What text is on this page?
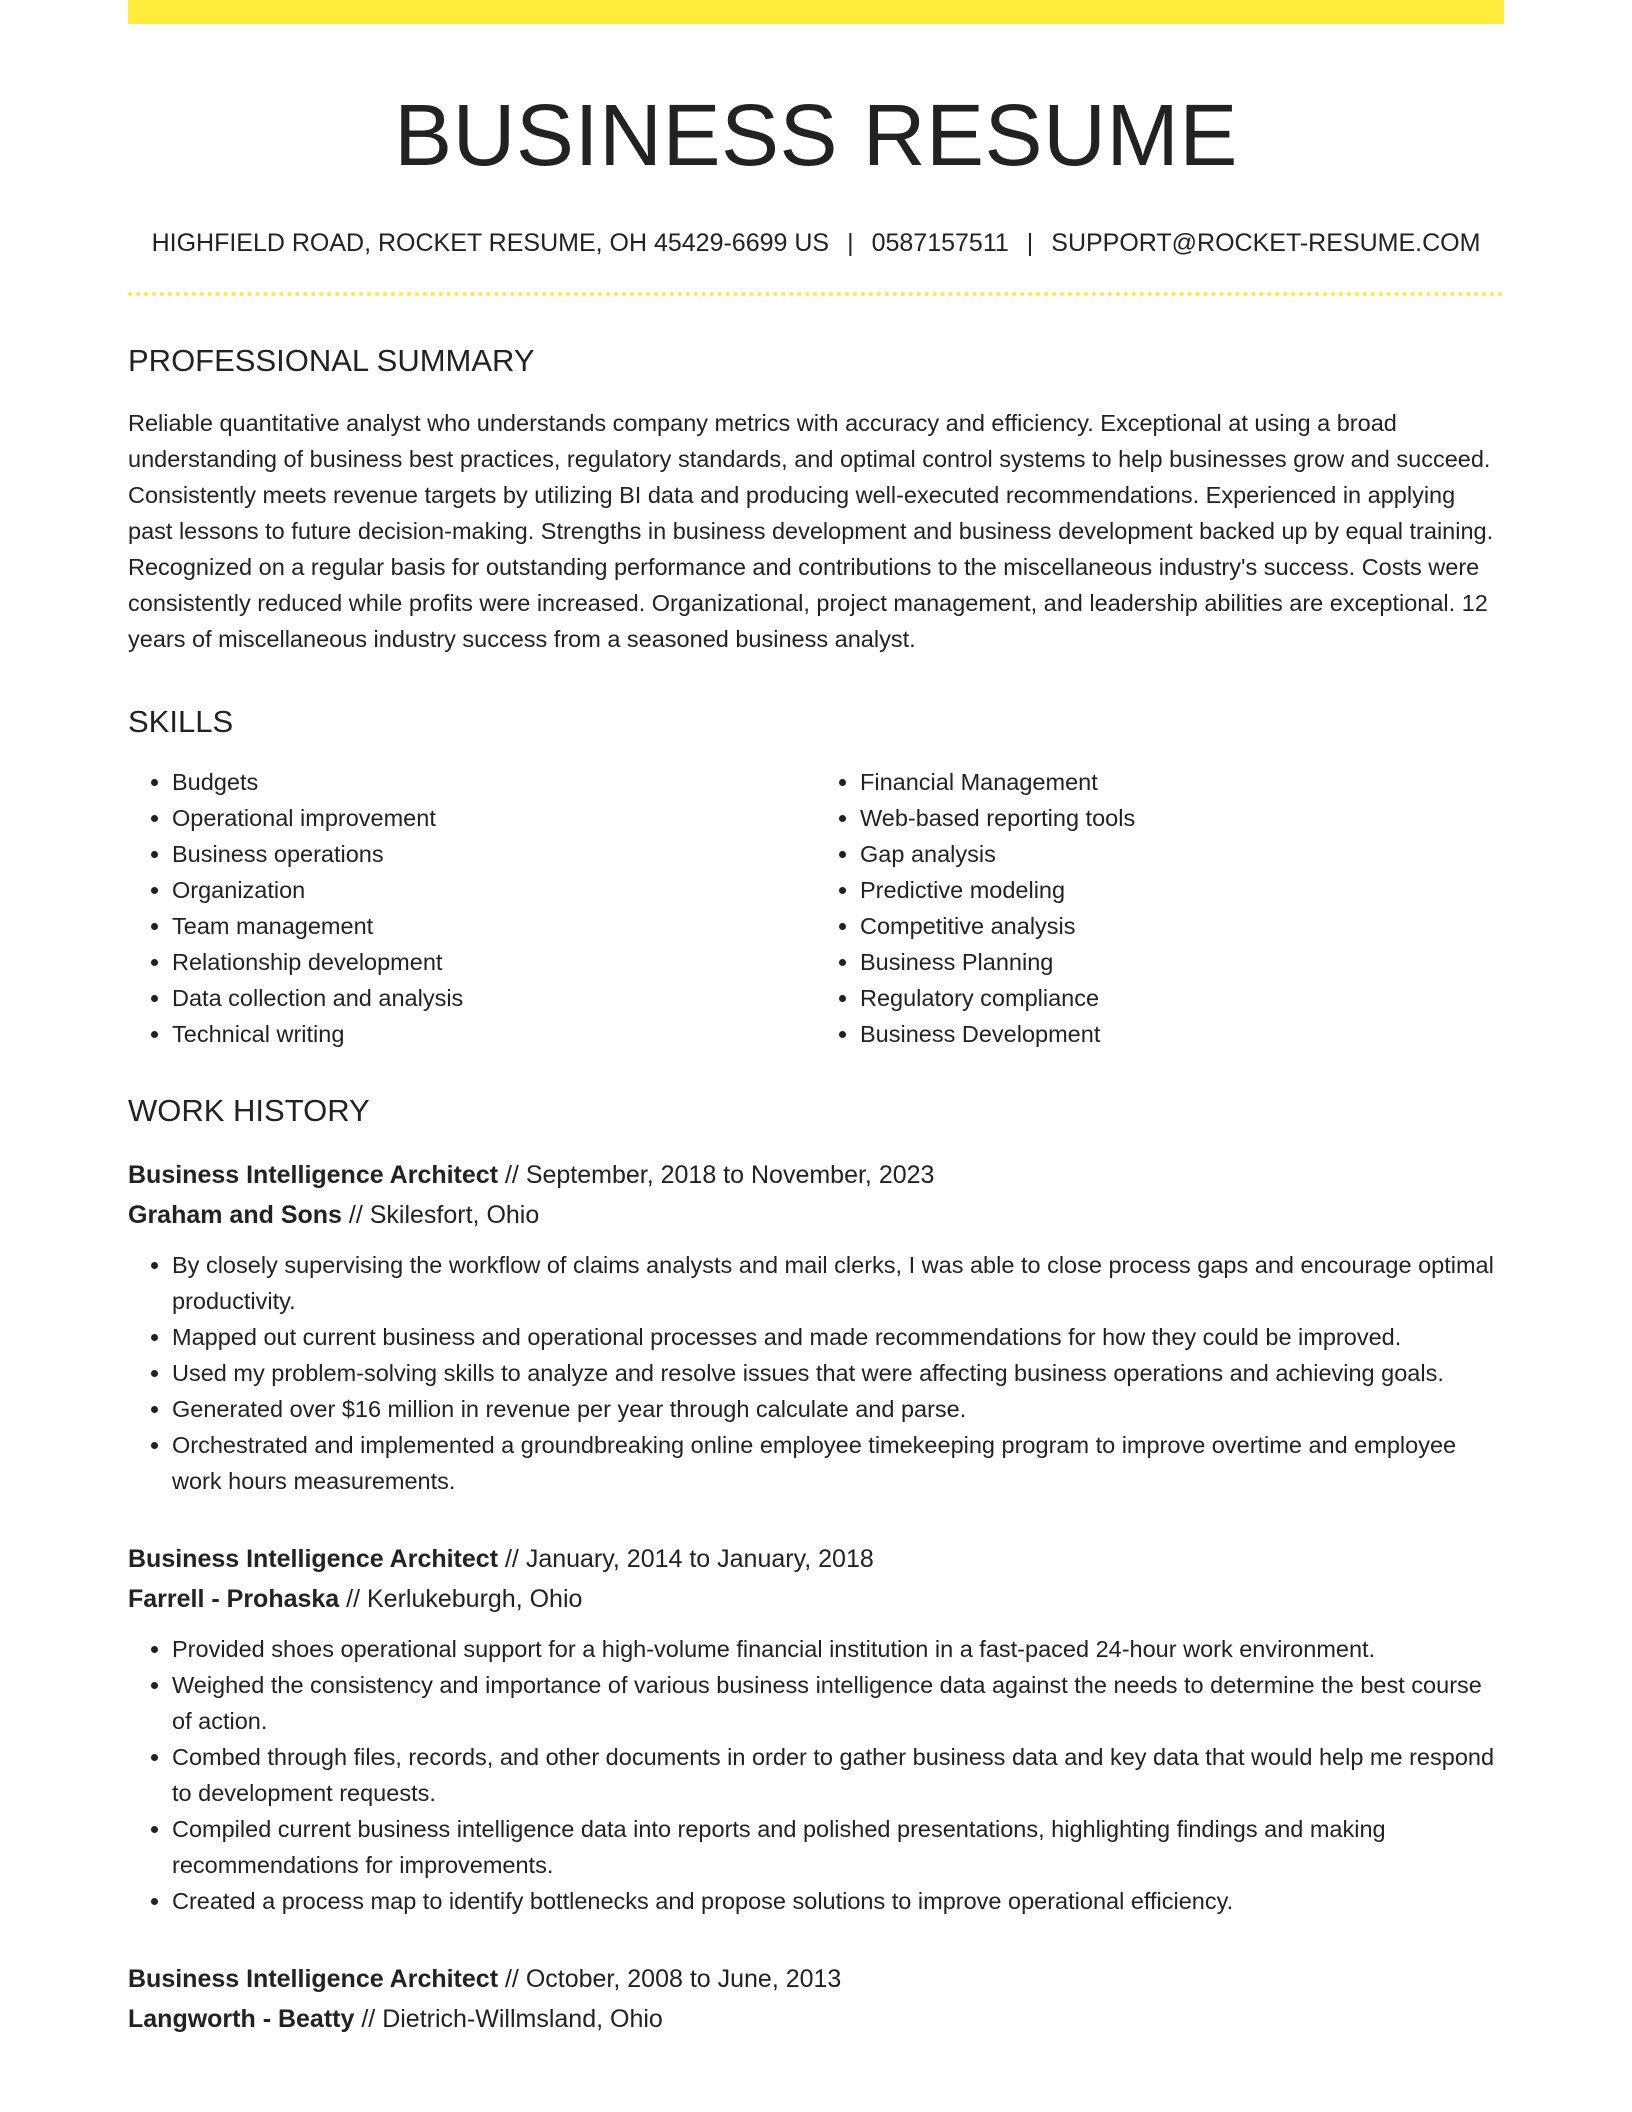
BUSINESS RESUME
HIGHFIELD ROAD, ROCKET RESUME, OH 45429-6699 US | 0587157511 | SUPPORT@ROCKET-RESUME.COM
PROFESSIONAL SUMMARY

Reliable quantitative analyst who understands company metrics with accuracy and efficiency. Exceptional at using a broad understanding of business best practices, regulatory standards, and optimal control systems to help businesses grow and succeed. Consistently meets revenue targets by utilizing BI data and producing well-executed recommendations. Experienced in applying past lessons to future decision-making. Strengths in business development and business development backed up by equal training. Recognized on a regular basis for outstanding performance and contributions to the miscellaneous industry's success. Costs were consistently reduced while profits were increased. Organizational, project management, and leadership abilities are exceptional. 12 years of miscellaneous industry success from a seasoned business analyst.

SKILLS
• Budgets
• Operational improvement
• Business operations
• Organization
• Team management
• Relationship development
• Data collection and analysis
• Technical writing
• Financial Management
• Web-based reporting tools
• Gap analysis
• Predictive modeling
• Competitive analysis
• Business Planning
• Regulatory compliance
• Business Development
WORK HISTORY
Business Intelligence Architect // September, 2018 to November, 2023
Graham and Sons // Skilesfort, Ohio
• By closely supervising the workflow of claims analysts and mail clerks, I was able to close process gaps and encourage optimal productivity.
• Mapped out current business and operational processes and made recommendations for how they could be improved.
• Used my problem-solving skills to analyze and resolve issues that were affecting business operations and achieving goals.
• Generated over $16 million in revenue per year through calculate and parse.
• Orchestrated and implemented a groundbreaking online employee timekeeping program to improve overtime and employee work hours measurements.
Business Intelligence Architect // January, 2014 to January, 2018
Farrell - Prohaska // Kerlukeburgh, Ohio
• Provided shoes operational support for a high-volume financial institution in a fast-paced 24-hour work environment.
• Weighed the consistency and importance of various business intelligence data against the needs to determine the best course of action.
• Combed through files, records, and other documents in order to gather business data and key data that would help me respond to development requests.
• Compiled current business intelligence data into reports and polished presentations, highlighting findings and making recommendations for improvements.
• Created a process map to identify bottlenecks and propose solutions to improve operational efficiency.
Business Intelligence Architect // October, 2008 to June, 2013
Langworth - Beatty // Dietrich-Willmsland, Ohio
